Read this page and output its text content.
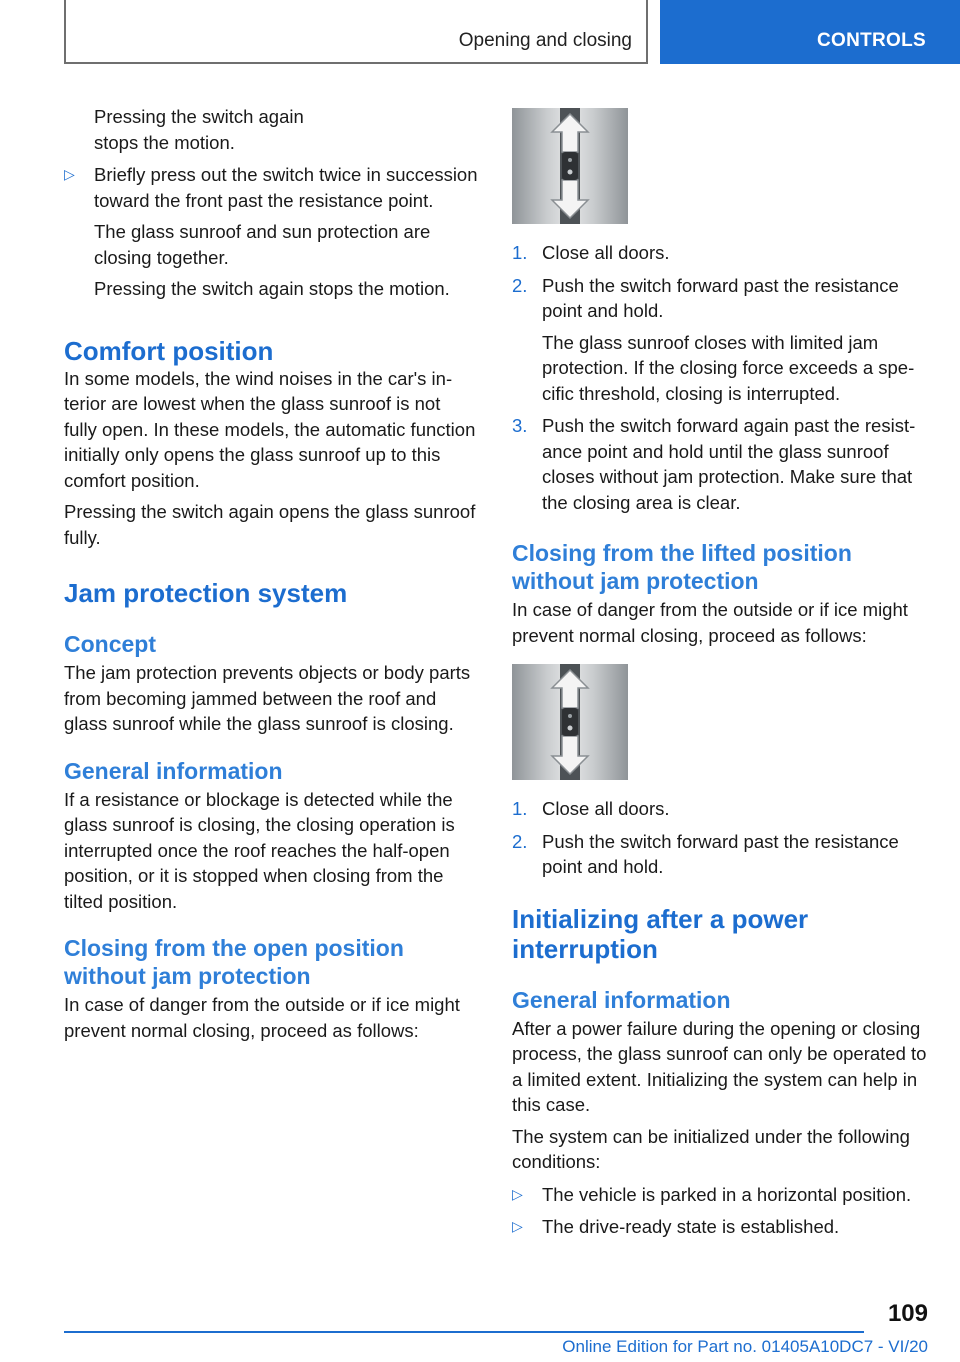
Opening and closing	CONTROLS

Pressing the switch again
stops the motion.

▷ Briefly press out the switch twice in succession toward the front past the resistance point.

The glass sunroof and sun protection are closing together.

Pressing the switch again stops the motion.

Comfort position

In some models, the wind noises in the car's interior are lowest when the glass sunroof is not fully open. In these models, the automatic function initially only opens the glass sunroof up to this comfort position.

Pressing the switch again opens the glass sunroof fully.

Jam protection system
Concept

The jam protection prevents objects or body parts from becoming jammed between the roof and glass sunroof while the glass sunroof is closing.

General information

If a resistance or blockage is detected while the glass sunroof is closing, the closing operation is interrupted once the roof reaches the half-open position, or it is stopped when closing from the tilted position.

Closing from the open position without jam protection

In case of danger from the outside or if ice might prevent normal closing, proceed as follows:

1. Close all doors.

2. Push the switch forward past the resistance point and hold.

The glass sunroof closes with limited jam protection. If the closing force exceeds a specific threshold, closing is interrupted.

3. Push the switch forward again past the resistance point and hold until the glass sunroof closes without jam protection. Make sure that the closing area is clear.

Closing from the lifted position without jam protection

In case of danger from the outside or if ice might prevent normal closing, proceed as follows:

1. Close all doors.

2. Push the switch forward past the resistance point and hold.

Initializing after a power interruption
General information

After a power failure during the opening or closing process, the glass sunroof can only be operated to a limited extent. Initializing the system can help in this case.

The system can be initialized under the following conditions:

▷ The vehicle is parked in a horizontal position.

▷ The drive-ready state is established.

109
Online Edition for Part no. 01405A10DC7 - VI/20
